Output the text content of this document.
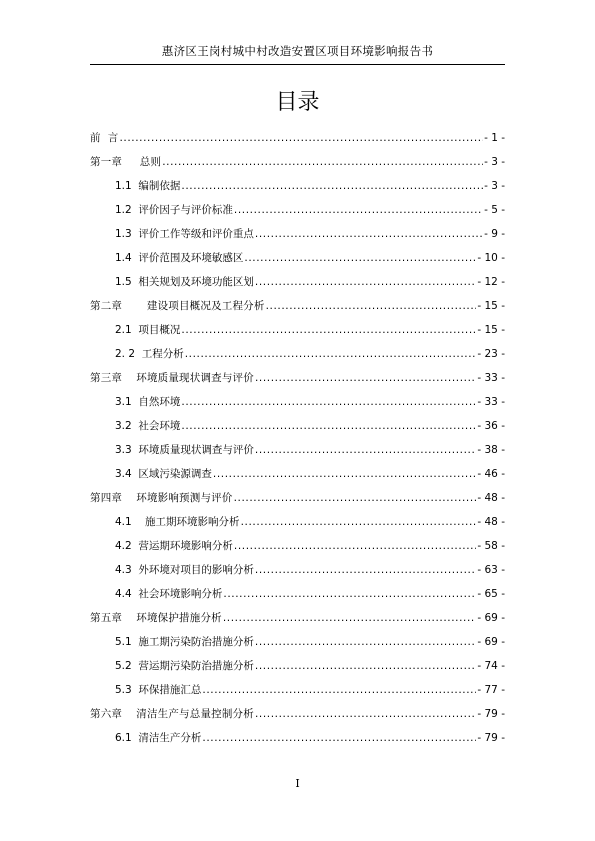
惠济区王岗村城中村改造安置区项目环境影响报告书
目录
前  言 .....	- 1 -
第一章     总则 .....	- 3 -
1.1  编制依据 .....	- 3 -
1.2  评价因子与评价标准 .....	- 5 -
1.3  评价工作等级和评价重点 .....	- 9 -
1.4  评价范围及环境敏感区 .....	- 10 -
1.5  相关规划及环境功能区划 .....	- 12 -
第二章       建设项目概况及工程分析 .....	- 15 -
2.1  项目概况 .....	- 15 -
2. 2  工程分析 .....	- 23 -
第三章    环境质量现状调查与评价 .....	- 33 -
3.1  自然环境 .....	- 33 -
3.2  社会环境 .....	- 36 -
3.3  环境质量现状调查与评价 .....	- 38 -
3.4  区域污染源调查 .....	- 46 -
第四章    环境影响预测与评价 .....	- 48 -
4.1    施工期环境影响分析 .....	- 48 -
4.2  营运期环境影响分析 .....	- 58 -
4.3  外环境对项目的影响分析 .....	- 63 -
4.4  社会环境影响分析 .....	- 65 -
第五章    环境保护措施分析 .....	- 69 -
5.1  施工期污染防治措施分析 .....	- 69 -
5.2  营运期污染防治措施分析 .....	- 74 -
5.3  环保措施汇总 .....	- 77 -
第六章    清洁生产与总量控制分析 .....	- 79 -
6.1  清洁生产分析 .....	- 79 -
I
